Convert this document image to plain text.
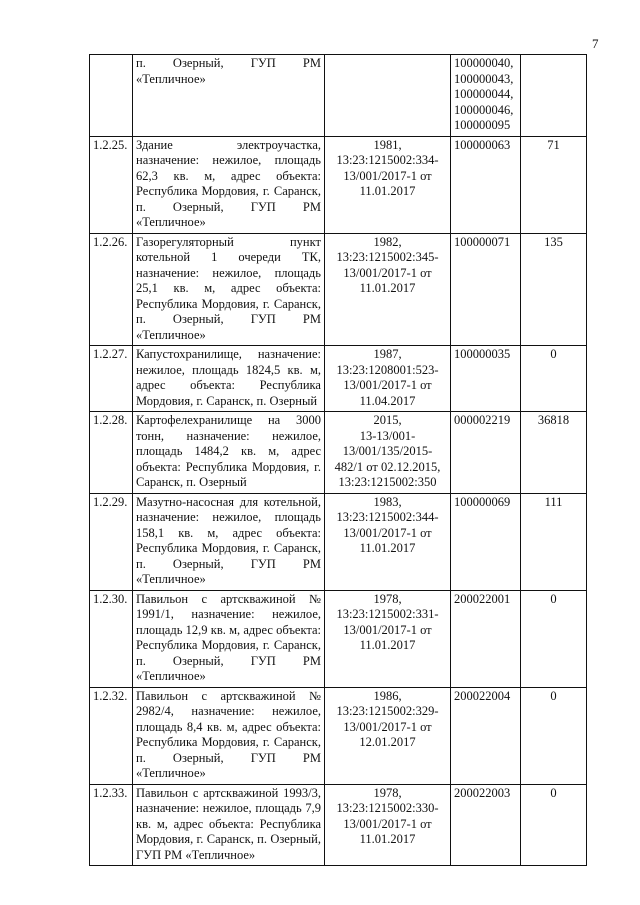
7
	п. Озерный, ГУП РМ «Тепличное»		100000040,
100000043,
100000044,
100000046,
100000095	
1.2.25.	Здание электроучастка, назначение: нежилое, площадь 62,3 кв. м, адрес объекта: Республика Мордовия, г. Саранск, п. Озерный, ГУП РМ «Тепличное»	1981,
13:23:1215002:334-
13/001/2017-1 от
11.01.2017	100000063	71
1.2.26.	Газорегуляторный пункт котельной 1 очереди ТК, назначение: нежилое, площадь 25,1 кв. м, адрес объекта: Республика Мордовия, г. Саранск, п. Озерный, ГУП РМ «Тепличное»	1982,
13:23:1215002:345-
13/001/2017-1 от
11.01.2017	100000071	135
1.2.27.	Капустохранилище, назначение: нежилое, площадь 1824,5 кв. м, адрес объекта: Республика Мордовия, г. Саранск, п. Озерный	1987,
13:23:1208001:523-
13/001/2017-1 от
11.04.2017	100000035	0
1.2.28.	Картофелехранилище на 3000 тонн, назначение: нежилое, площадь 1484,2 кв. м, адрес объекта: Республика Мордовия, г. Саранск, п. Озерный	2015,
13-13/001-
13/001/135/2015-
482/1 от 02.12.2015,
13:23:1215002:350	000002219	36818
1.2.29.	Мазутно-насосная для котельной, назначение: нежилое, площадь 158,1 кв. м, адрес объекта: Республика Мордовия, г. Саранск, п. Озерный, ГУП РМ «Тепличное»	1983,
13:23:1215002:344-
13/001/2017-1 от
11.01.2017	100000069	111
1.2.30.	Павильон с артскважиной № 1991/1, назначение: нежилое, площадь 12,9 кв. м, адрес объекта: Республика Мордовия, г. Саранск, п. Озерный, ГУП РМ «Тепличное»	1978,
13:23:1215002:331-
13/001/2017-1 от
11.01.2017	200022001	0
1.2.32.	Павильон с артскважиной № 2982/4, назначение: нежилое, площадь 8,4 кв. м, адрес объекта: Республика Мордовия, г. Саранск, п. Озерный, ГУП РМ «Тепличное»	1986,
13:23:1215002:329-
13/001/2017-1 от
12.01.2017	200022004	0
1.2.33.	Павильон с артскважиной 1993/3, назначение: нежилое, площадь 7,9 кв. м, адрес объекта: Республика Мордовия, г. Саранск, п. Озерный, ГУП РМ «Тепличное»	1978,
13:23:1215002:330-
13/001/2017-1 от
11.01.2017	200022003	0
